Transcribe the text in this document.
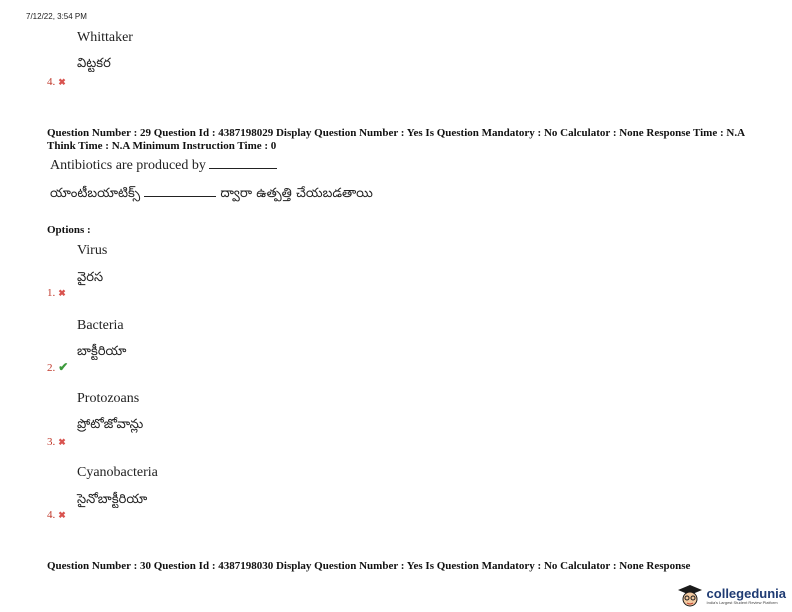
7/12/22, 3:54 PM
Whittaker
విట్టకర
4. ✖
Question Number : 29 Question Id : 4387198029 Display Question Number : Yes Is Question Mandatory : No Calculator : None Response Time : N.A Think Time : N.A Minimum Instruction Time : 0
Antibiotics are produced by
యాంటీబయాటిక్స్	ద్వారా ఉత్పత్తి చేయబడతాయి
Options :
Virus
వైరస
1. ✖
Bacteria
బాక్టీరియా
2. ✔
Protozoans
ప్రోటోజోవాన్లు
3. ✖
Cyanobacteria
సైనోబాక్టీరియా
4. ✖
Question Number : 30 Question Id : 4387198030 Display Question Number : Yes Is Question Mandatory : No Calculator : None Response
collegedunia
India's Largest Student Review Platform
